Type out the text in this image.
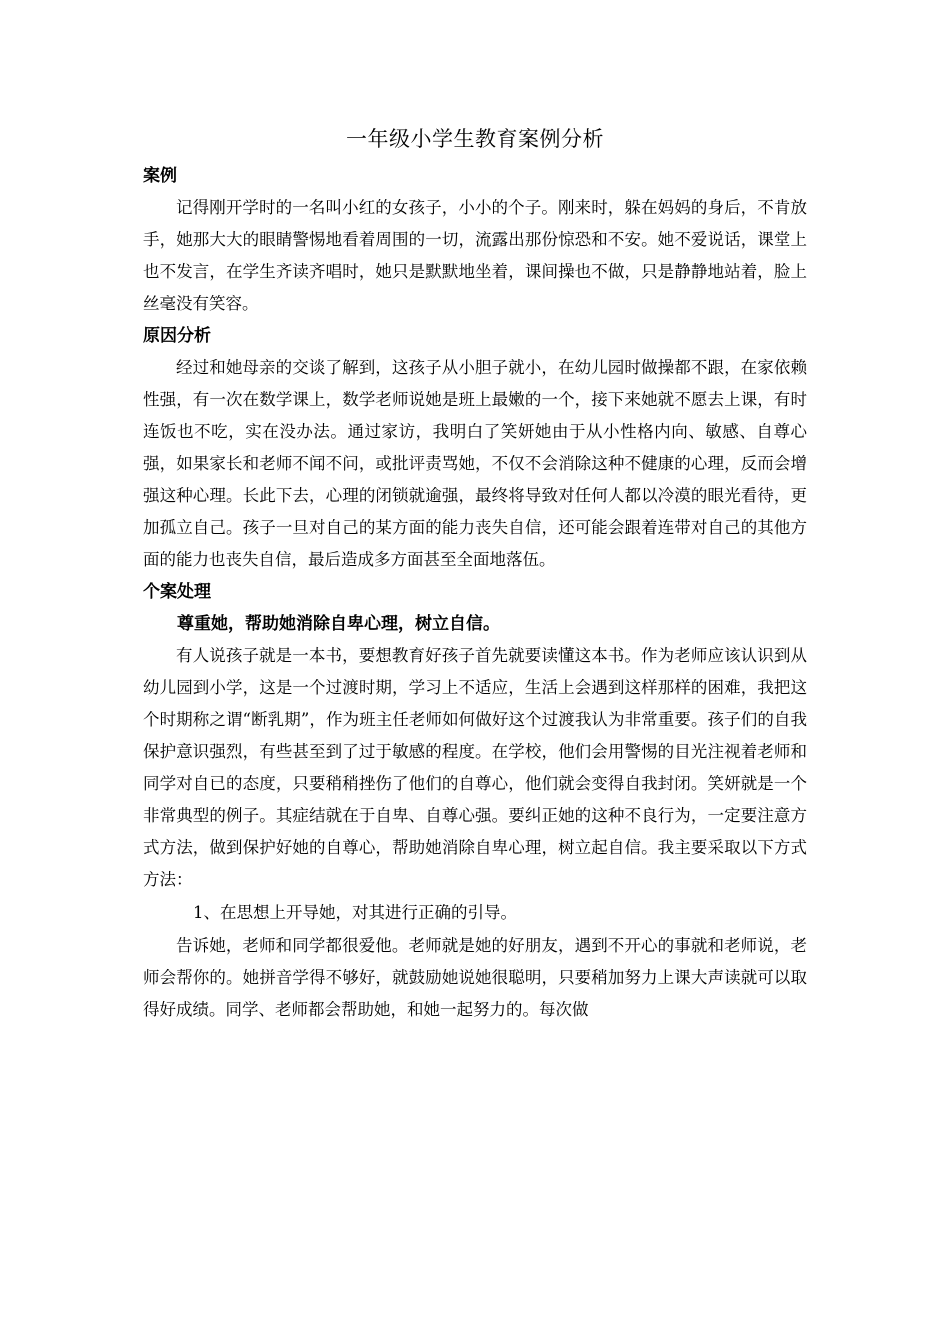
一年级小学生教育案例分析
案例

记得刚开学时的一名叫小红的女孩子，小小的个子。刚来时，躲在妈妈的身后，不肯放手，她那大大的眼睛警惕地看着周围的一切，流露出那份惊恐和不安。她不爱说话，课堂上也不发言，在学生齐读齐唱时，她只是默默地坐着，课间操也不做，只是静静地站着，脸上丝毫没有笑容。

原因分析

经过和她母亲的交谈了解到，这孩子从小胆子就小，在幼儿园时做操都不跟，在家依赖性强，有一次在数学课上，数学老师说她是班上最嫩的一个，接下来她就不愿去上课，有时连饭也不吃，实在没办法。通过家访，我明白了笑妍她由于从小性格内向、敏感、自尊心强，如果家长和老师不闻不问，或批评责骂她，不仅不会消除这种不健康的心理，反而会增强这种心理。长此下去，心理的闭锁就逾强，最终将导致对任何人都以冷漠的眼光看待，更加孤立自己。孩子一旦对自己的某方面的能力丧失自信，还可能会跟着连带对自己的其他方面的能力也丧失自信，最后造成多方面甚至全面地落伍。

个案处理

尊重她，帮助她消除自卑心理，树立自信。

有人说孩子就是一本书，要想教育好孩子首先就要读懂这本书。作为老师应该认识到从幼儿园到小学，这是一个过渡时期，学习上不适应，生活上会遇到这样那样的困难，我把这个时期称之谓“断乳期”，作为班主任老师如何做好这个过渡我认为非常重要。孩子们的自我保护意识强烈，有些甚至到了过于敏感的程度。在学校，他们会用警惕的目光注视着老师和同学对自已的态度，只要稍稍挫伤了他们的自尊心，他们就会变得自我封闭。笑妍就是一个非常典型的例子。其症结就在于自卑、自尊心强。要纠正她的这种不良行为，一定要注意方式方法，做到保护好她的自尊心，帮助她消除自卑心理，树立起自信。我主要采取以下方式方法：

1、在思想上开导她，对其进行正确的引导。

告诉她，老师和同学都很爱他。老师就是她的好朋友，遇到不开心的事就和老师说，老师会帮你的。她拼音学得不够好，就鼓励她说她很聪明，只要稍加努力上课大声读就可以取得好成绩。同学、老师都会帮助她，和她一起努力的。每次做
